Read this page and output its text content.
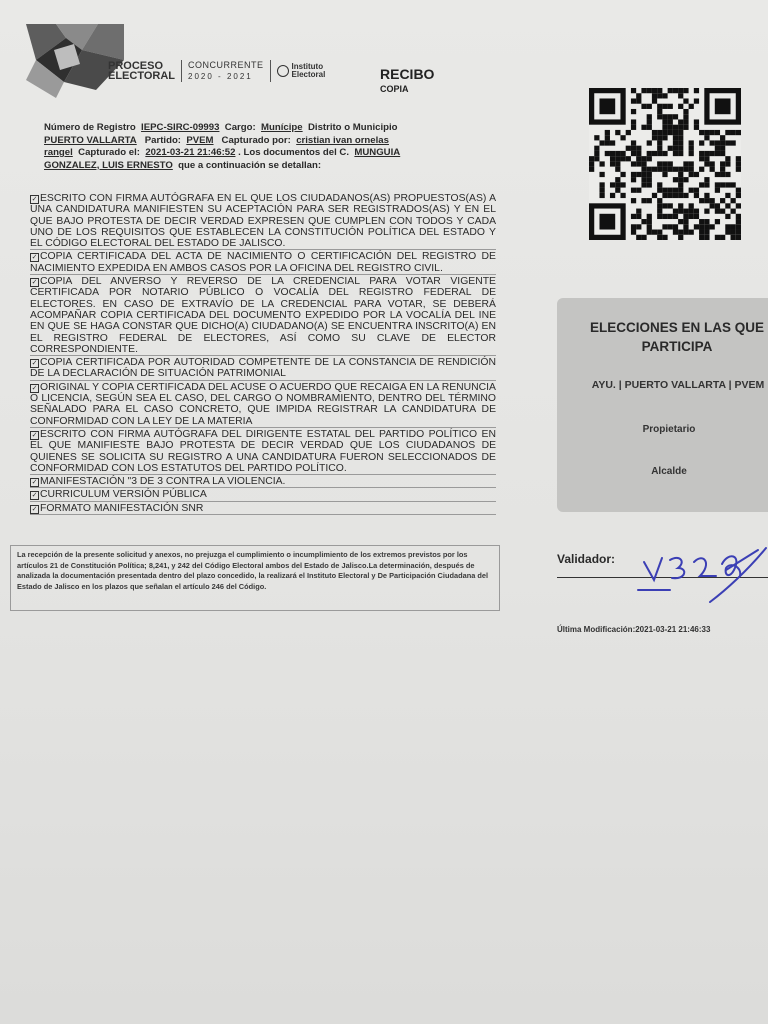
PROCESO
ELECTORAL
CONCURRENTE
2020 - 2021
Instituto
Electoral	RECIBO
COPIA
Número de Registro IEPC-SIRC-09993 Cargo: Munícipe Distrito o Municipio
PUERTO VALLARTA Partido: PVEM Capturado por: cristian ivan ornelas
rangel Capturado el: 2021-03-21 21:46:52 . Los documentos del C. MUNGUIA
GONZALEZ, LUIS ERNESTO que a continuación se detallan:
✓ ESCRITO CON FIRMA AUTÓGRAFA EN EL QUE LOS CIUDADANOS(AS) PROPUESTOS(AS) A UNA CANDIDATURA MANIFIESTEN SU ACEPTACIÓN PARA SER REGISTRADOS(AS) Y EN EL QUE BAJO PROTESTA DE DECIR VERDAD EXPRESEN QUE CUMPLEN CON TODOS Y CADA UNO DE LOS REQUISITOS QUE ESTABLECEN LA CONSTITUCIÓN POLÍTICA DEL ESTADO Y EL CÓDIGO ELECTORAL DEL ESTADO DE JALISCO.
✓ COPIA CERTIFICADA DEL ACTA DE NACIMIENTO O CERTIFICACIÓN DEL REGISTRO DE NACIMIENTO EXPEDIDA EN AMBOS CASOS POR LA OFICINA DEL REGISTRO CIVIL.
✓ COPIA DEL ANVERSO Y REVERSO DE LA CREDENCIAL PARA VOTAR VIGENTE CERTIFICADA POR NOTARIO PÚBLICO O VOCALÍA DEL REGISTRO FEDERAL DE ELECTORES. EN CASO DE EXTRAVÍO DE LA CREDENCIAL PARA VOTAR, SE DEBERÁ ACOMPAÑAR COPIA CERTIFICADA DEL DOCUMENTO EXPEDIDO POR LA VOCALÍA DEL INE EN QUE SE HAGA CONSTAR QUE DICHO(A) CIUDADANO(A) SE ENCUENTRA INSCRITO(A) EN EL REGISTRO FEDERAL DE ELECTORES, ASÍ COMO SU CLAVE DE ELECTOR CORRESPONDIENTE.
✓ COPIA CERTIFICADA POR AUTORIDAD COMPETENTE DE LA CONSTANCIA DE RENDICIÓN DE LA DECLARACIÓN DE SITUACIÓN PATRIMONIAL
✓ ORIGINAL Y COPIA CERTIFICADA DEL ACUSE O ACUERDO QUE RECAIGA EN LA RENUNCIA O LICENCIA, SEGÚN SEA EL CASO, DEL CARGO O NOMBRAMIENTO, DENTRO DEL TÉRMINO SEÑALADO PARA EL CASO CONCRETO, QUE IMPIDA REGISTRAR LA CANDIDATURA DE CONFORMIDAD CON LA LEY DE LA MATERIA
✓ ESCRITO CON FIRMA AUTÓGRAFA DEL DIRIGENTE ESTATAL DEL PARTIDO POLÍTICO EN EL QUE MANIFIESTE BAJO PROTESTA DE DECIR VERDAD QUE LOS CIUDADANOS DE QUIENES SE SOLICITA SU REGISTRO A UNA CANDIDATURA FUERON SELECCIONADOS DE CONFORMIDAD CON LOS ESTATUTOS DEL PARTIDO POLÍTICO.
✓ MANIFESTACIÓN "3 DE 3 CONTRA LA VIOLENCIA.
✓ CURRICULUM VERSIÓN PÚBLICA
✓ FORMATO MANIFESTACIÓN SNR
La recepción de la presente solicitud y anexos, no prejuzga el cumplimiento o incumplimiento de los extremos previstos por los artículos 21 de Constitución Política; 8,241, y 242 del Código Electoral ambos del Estado de Jalisco.La determinación, después de analizada la documentación presentada dentro del plazo concedido, la realizará el Instituto Electoral y De Participación Ciudadana del Estado de Jalisco en los plazos que señalan el artículo 246 del Código.
ELECCIONES EN LAS QUE
PARTICIPA
AYU. | PUERTO VALLARTA | PVEM
Propietario
Alcalde
Validador:
Última Modificación:2021-03-21 21:46:33
